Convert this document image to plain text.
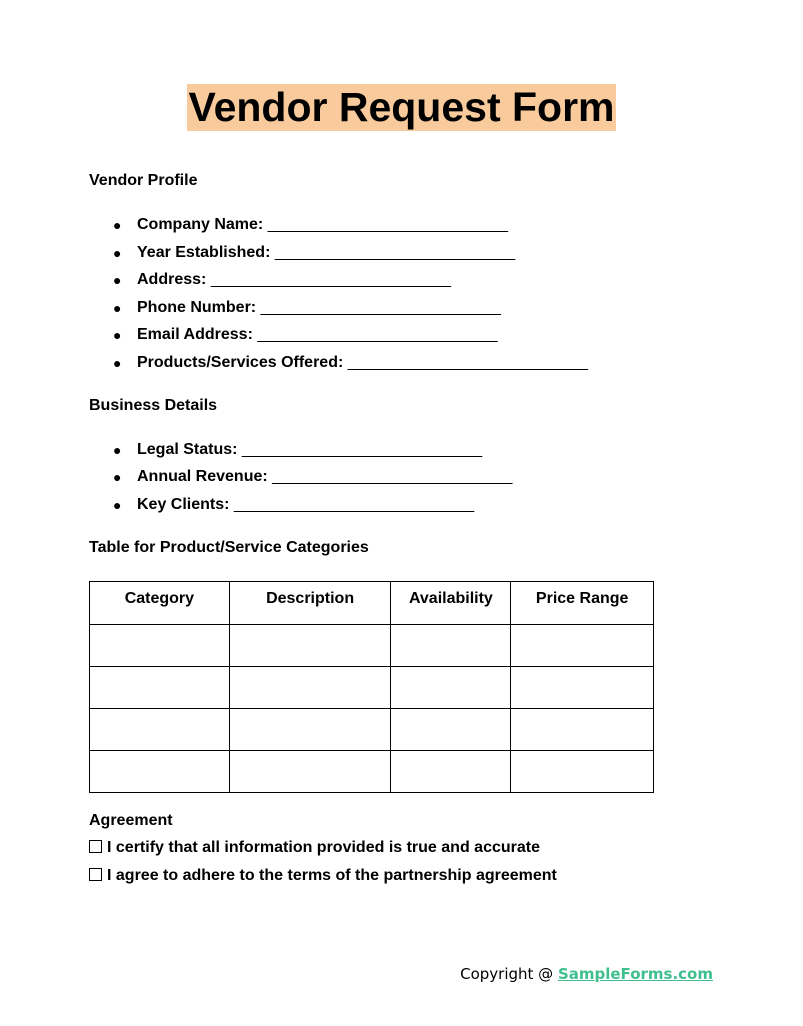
Vendor Request Form
Vendor Profile
● Company Name: ___________________________
● Year Established: ___________________________
● Address: ___________________________
● Phone Number: ___________________________
● Email Address: ___________________________
● Products/Services Offered: ___________________________
Business Details
● Legal Status: ___________________________
● Annual Revenue: ___________________________
● Key Clients: ___________________________
Table for Product/Service Categories
Category	Description	Availability	Price Range

Agreement
I certify that all information provided is true and accurate
I agree to adhere to the terms of the partnership agreement
Copyright @ SampleForms.com
